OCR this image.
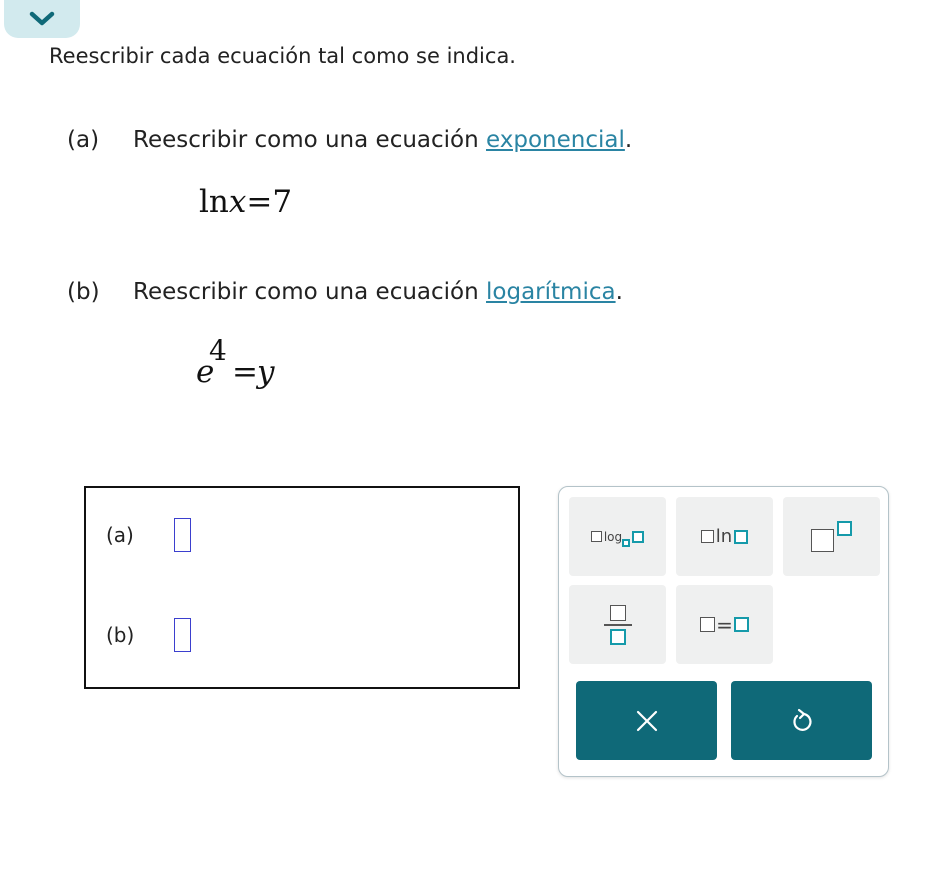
Reescribir cada ecuación tal como se indica.

(a) Reescribir como una ecuación exponencial.
lnx=7
(b) Reescribir como una ecuación logarítmica.
e
4
= y
(a)
(b)
log	ln
=
